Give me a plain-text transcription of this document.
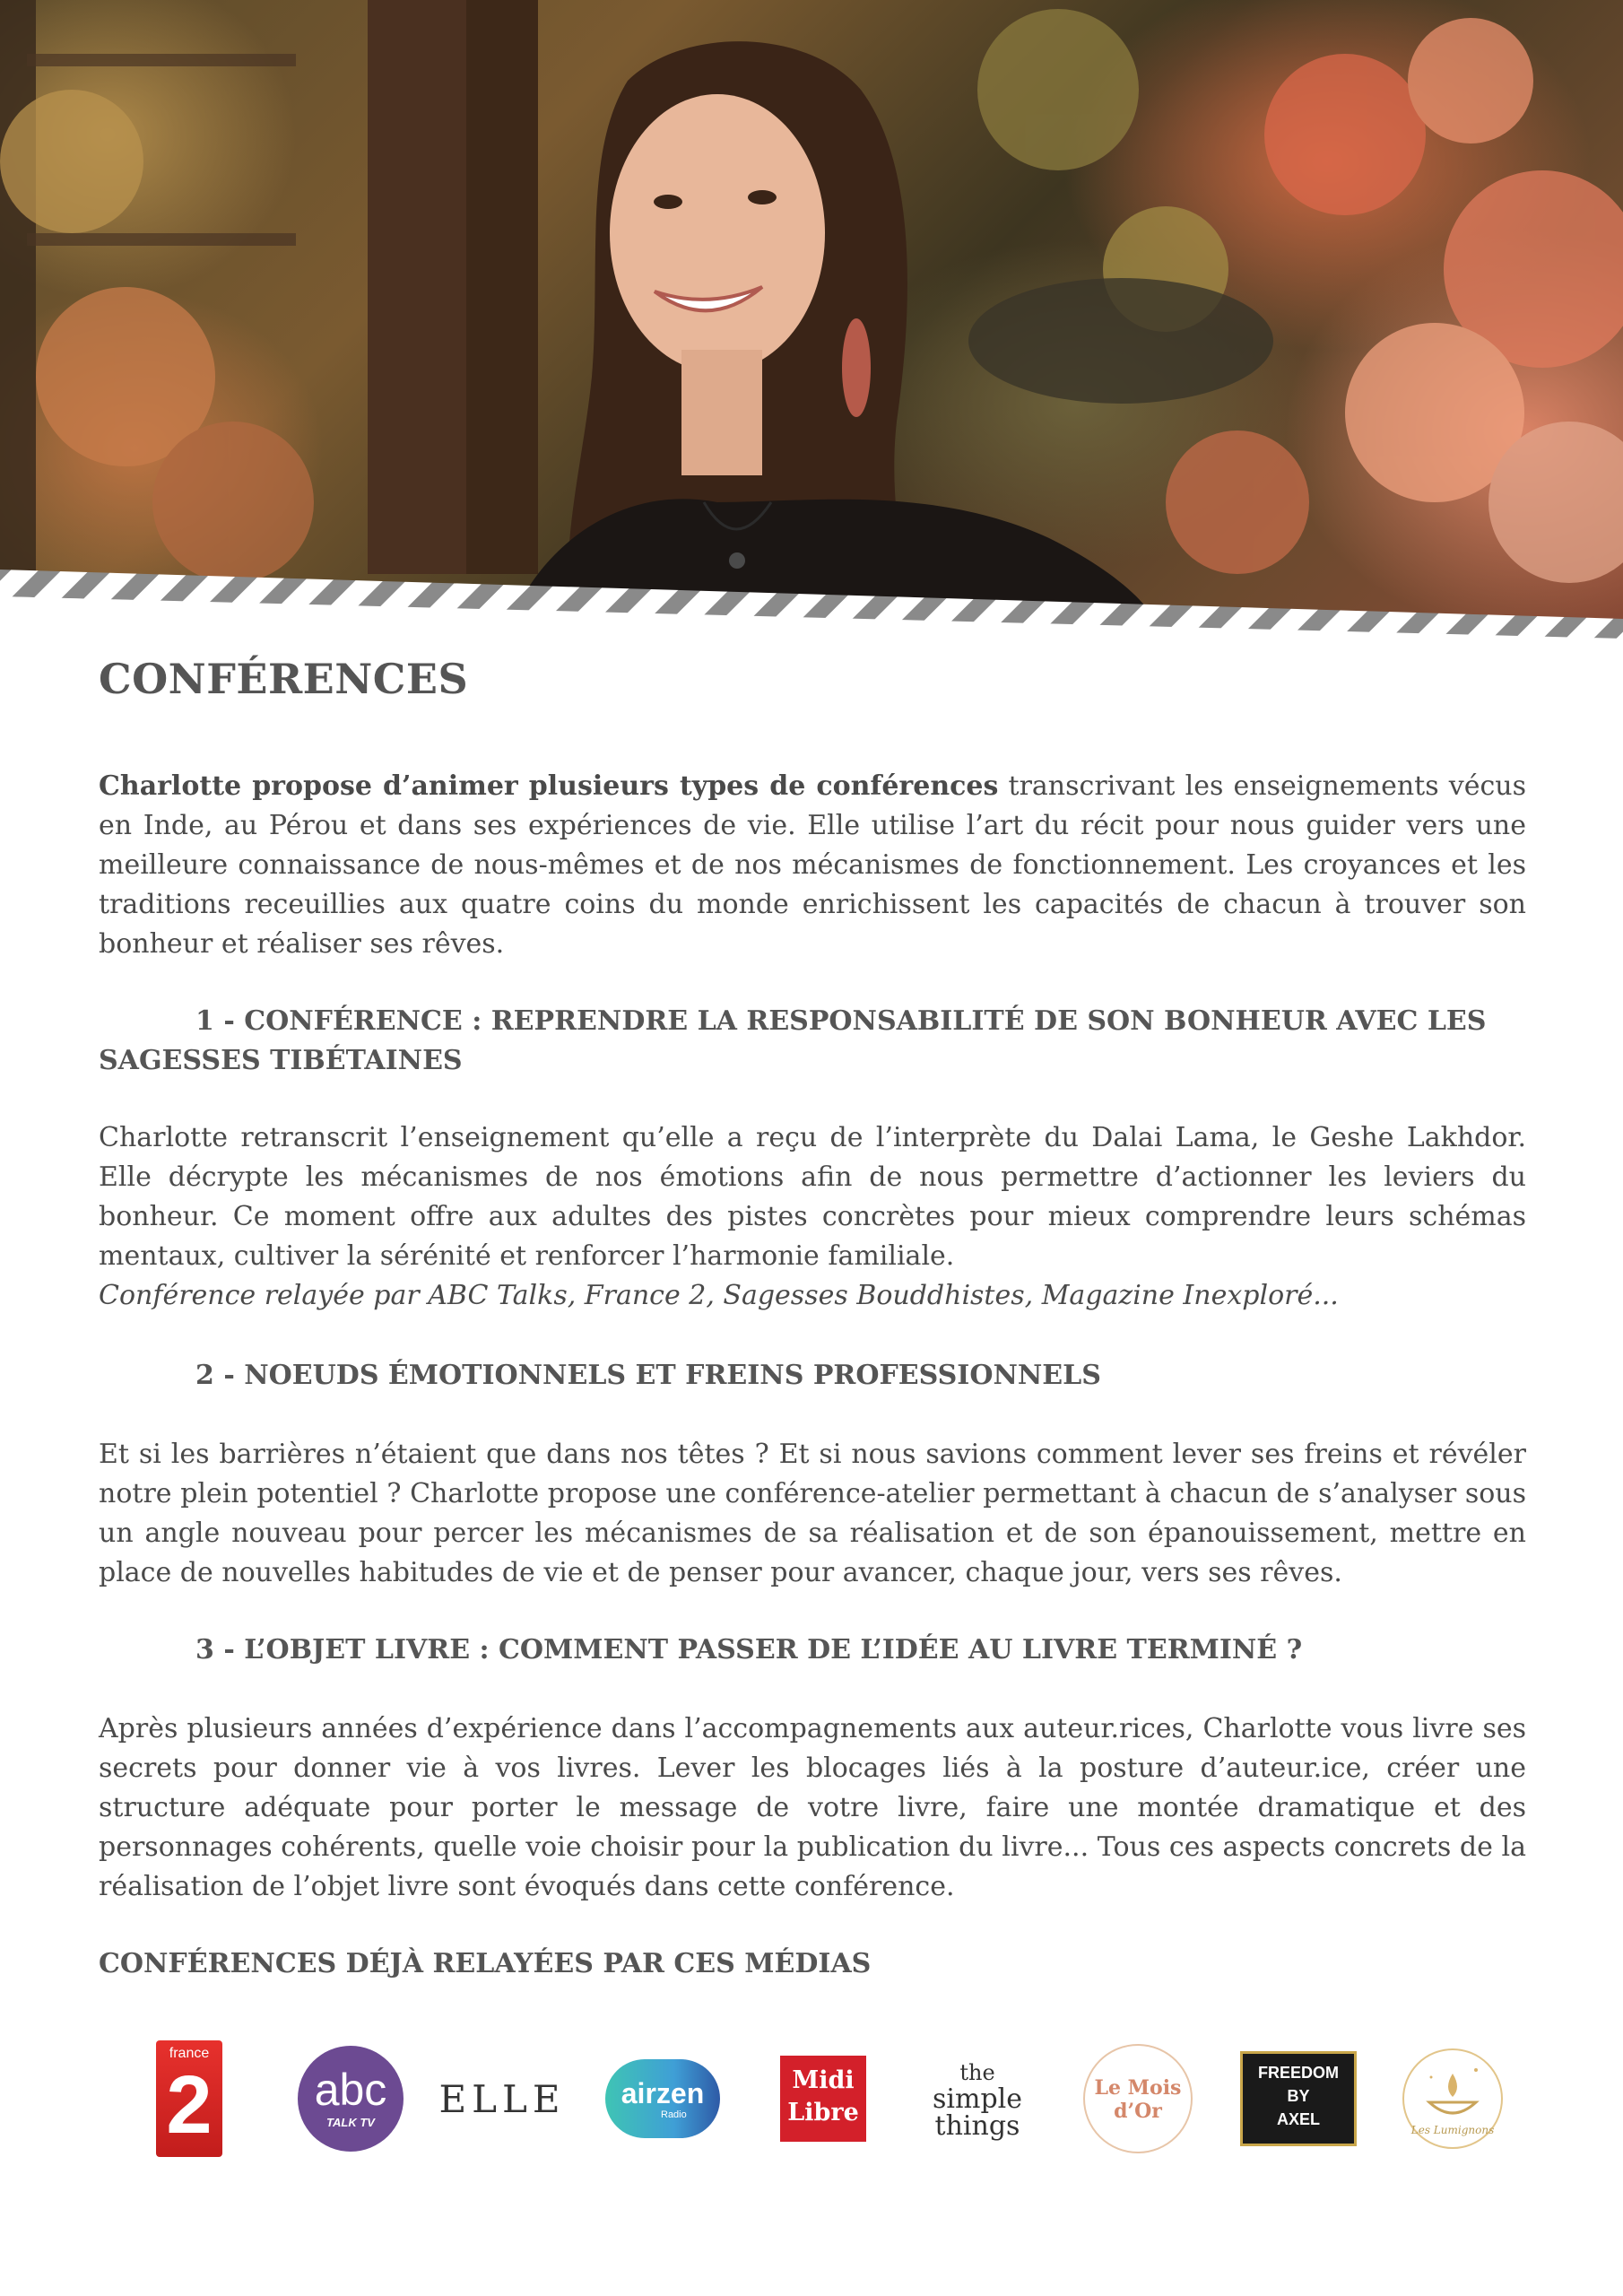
CONFÉRENCES

Charlotte propose d’animer plusieurs types de conférences transcrivant les enseignements vécus en Inde, au Pérou et dans ses expériences de vie. Elle utilise l’art du récit pour nous guider vers une meilleure connaissance de nous-mêmes et de nos mécanismes de fonctionnement. Les croyances et les traditions receuillies aux quatre coins du monde enrichissent les capacités de chacun à trouver son bonheur et réaliser ses rêves.

1 - CONFÉRENCE : REPRENDRE LA RESPONSABILITÉ DE SON BONHEUR AVEC LES SAGESSES TIBÉTAINES

Charlotte retranscrit l’enseignement qu’elle a reçu de l’interprète du Dalai Lama, le Geshe Lakhdor. Elle décrypte les mécanismes de nos émotions afin de nous permettre d’actionner les leviers du bonheur. Ce moment offre aux adultes des pistes concrètes pour mieux comprendre leurs schémas mentaux, cultiver la sérénité et renforcer l’harmonie familiale.
Conférence relayée par ABC Talks, France 2, Sagesses Bouddhistes, Magazine Inexploré...

2 - NOEUDS ÉMOTIONNELS ET FREINS PROFESSIONNELS

Et si les barrières n’étaient que dans nos têtes ? Et si nous savions comment lever ses freins et révéler notre plein potentiel ? Charlotte propose une conférence-atelier permettant à chacun de s’analyser sous un angle nouveau pour percer les mécanismes de sa réalisation et de son épanouissement, mettre en place de nouvelles habitudes de vie et de penser pour avancer, chaque jour, vers ses rêves.

3 - L’OBJET LIVRE : COMMENT PASSER DE L’IDÉE AU LIVRE TERMINÉ ?

Après plusieurs années d’expérience dans l’accompagnements aux auteur.rices, Charlotte vous livre ses secrets pour donner vie à vos livres. Lever les blocages liés à la posture d’auteur.ice, créer une structure adéquate pour porter le message de votre livre, faire une montée dramatique et des personnages cohérents, quelle voie choisir pour la publication du livre... Tous ces aspects concrets de la réalisation de l’objet livre sont évoqués dans cette conférence.

CONFÉRENCES DÉJÀ RELAYÉES PAR CES MÉDIAS
france
2	abc
TALK TV
ELLE	airzen
Radio
Midi
Libre
the
simple
things
Le Mois
d’Or
FREEDOM
BY
AXEL
Les Lumignons
